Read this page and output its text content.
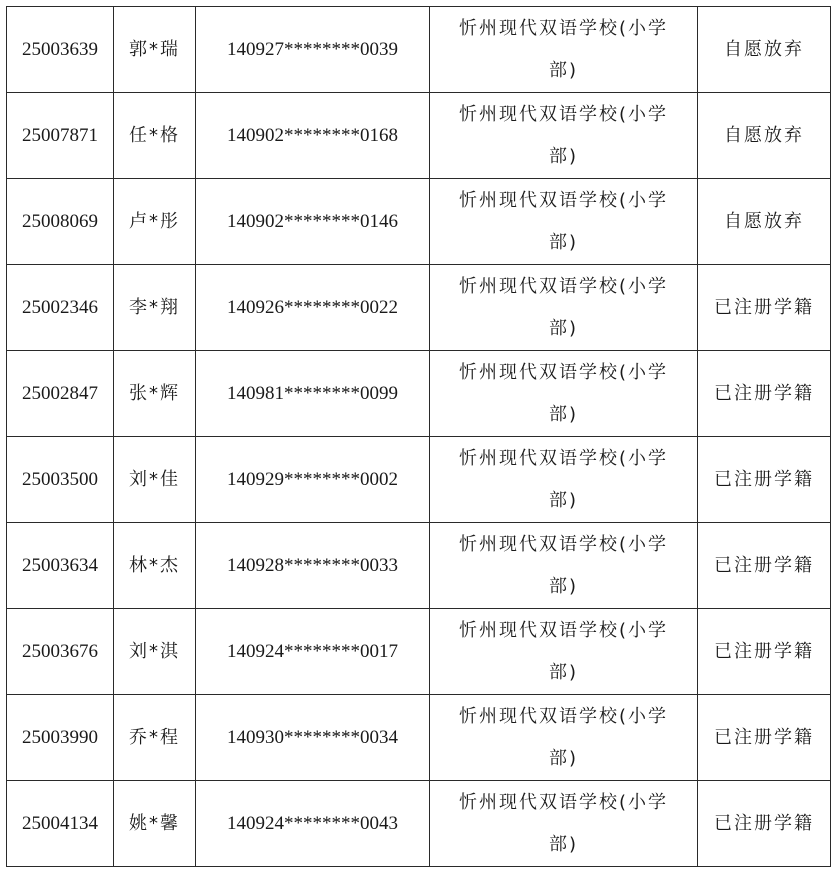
25003639	郭*瑞	140927********0039	忻州现代双语学校(小学部)	自愿放弃
25007871	任*格	140902********0168	忻州现代双语学校(小学部)	自愿放弃
25008069	卢*彤	140902********0146	忻州现代双语学校(小学部)	自愿放弃
25002346	李*翔	140926********0022	忻州现代双语学校(小学部)	已注册学籍
25002847	张*辉	140981********0099	忻州现代双语学校(小学部)	已注册学籍
25003500	刘*佳	140929********0002	忻州现代双语学校(小学部)	已注册学籍
25003634	林*杰	140928********0033	忻州现代双语学校(小学部)	已注册学籍
25003676	刘*淇	140924********0017	忻州现代双语学校(小学部)	已注册学籍
25003990	乔*程	140930********0034	忻州现代双语学校(小学部)	已注册学籍
25004134	姚*馨	140924********0043	忻州现代双语学校(小学部)	已注册学籍
